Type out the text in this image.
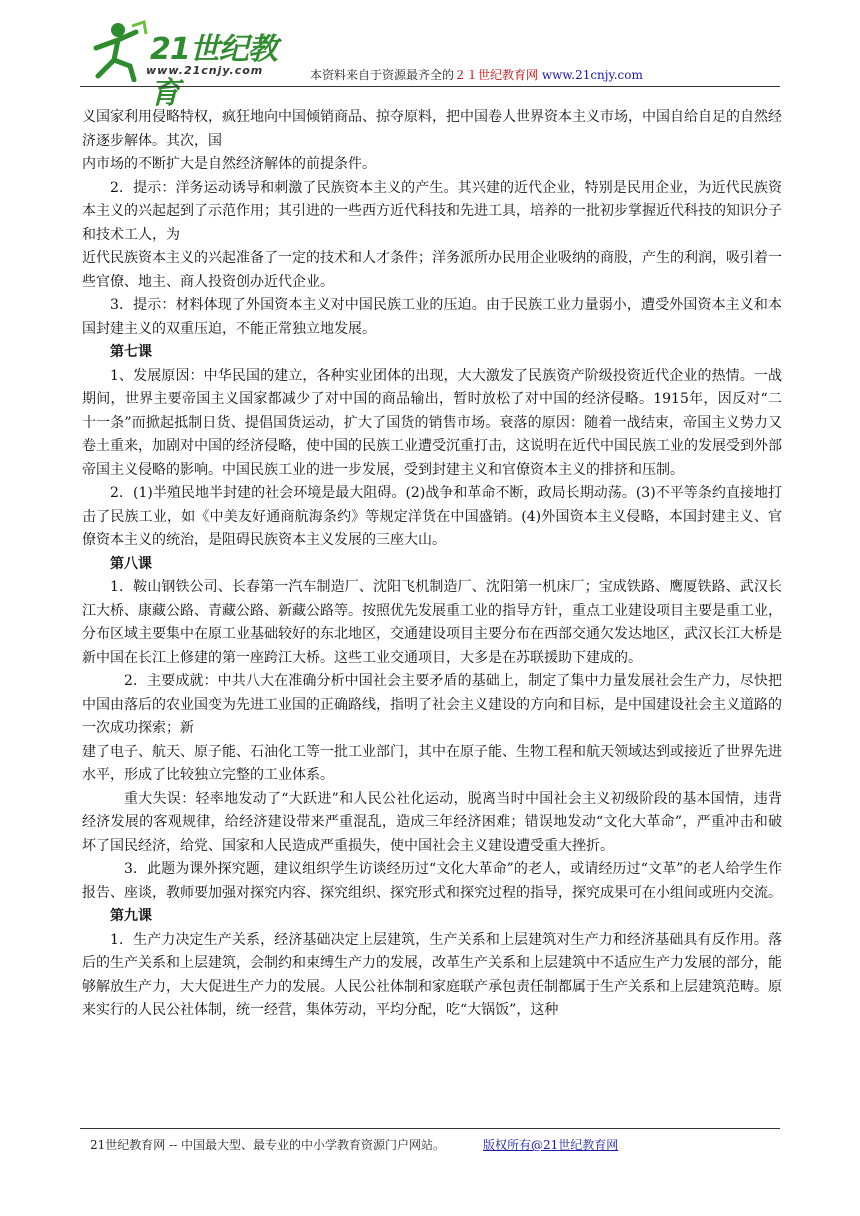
21世纪教育
www.21cnjy.com	本资料来自于资源最齐全的２１世纪教育网 www.21cnjy.com

义国家利用侵略特权，疯狂地向中国倾销商品、掠夺原料，把中国卷人世界资本主义市场，中国自给自足的自然经济逐步解体。其次，国

内市场的不断扩大是自然经济解体的前提条件。

2．提示：洋务运动诱导和刺激了民族资本主义的产生。其兴建的近代企业，特别是民用企业，为近代民族资本主义的兴起起到了示范作用；其引进的一些西方近代科技和先进工具，培养的一批初步掌握近代科技的知识分子和技术工人，为

近代民族资本主义的兴起准备了一定的技术和人才条件；洋务派所办民用企业吸纳的商股，产生的利润，吸引着一些官僚、地主、商人投资创办近代企业。

3．提示：材料体现了外国资本主义对中国民族工业的压迫。由于民族工业力量弱小，遭受外国资本主义和本国封建主义的双重压迫，不能正常独立地发展。

第七课

1、发展原因：中华民国的建立，各种实业团体的出现，大大激发了民族资产阶级投资近代企业的热情。一战期间，世界主要帝国主义国家都减少了对中国的商品输出，暂时放松了对中国的经济侵略。1915年，因反对“二十一条”而掀起抵制日货、提倡国货运动，扩大了国货的销售市场。衰落的原因：随着一战结束，帝国主义势力又卷土重来，加剧对中国的经济侵略，使中国的民族工业遭受沉重打击，这说明在近代中国民族工业的发展受到外部帝国主义侵略的影响。中国民族工业的进一步发展，受到封建主义和官僚资本主义的排挤和压制。

2．(1)半殖民地半封建的社会环境是最大阻碍。(2)战争和革命不断，政局长期动荡。(3)不平等条约直接地打击了民族工业，如《中美友好通商航海条约》等规定洋货在中国盛销。(4)外国资本主义侵略，本国封建主义、官僚资本主义的统治，是阻碍民族资本主义发展的三座大山。

第八课

1．鞍山钢铁公司、长春第一汽车制造厂、沈阳飞机制造厂、沈阳第一机床厂；宝成铁路、鹰厦铁路、武汉长江大桥、康藏公路、青藏公路、新藏公路等。按照优先发展重工业的指导方针，重点工业建设项目主要是重工业，分布区域主要集中在原工业基础较好的东北地区，交通建设项目主要分布在西部交通欠发达地区，武汉长江大桥是新中国在长江上修建的第一座跨江大桥。这些工业交通项目，大多是在苏联援助下建成的。

2．主要成就：中共八大在准确分析中国社会主要矛盾的基础上，制定了集中力量发展社会生产力，尽快把中国由落后的农业国变为先进工业国的正确路线，指明了社会主义建设的方向和目标，是中国建设社会主义道路的一次成功探索；新

建了电子、航天、原子能、石油化工等一批工业部门，其中在原子能、生物工程和航天领域达到或接近了世界先进水平，形成了比较独立完整的工业体系。

重大失误：轻率地发动了“大跃进”和人民公社化运动，脱离当时中国社会主义初级阶段的基本国情，违背经济发展的客观规律，给经济建设带来严重混乱，造成三年经济困难；错误地发动“文化大革命”，严重冲击和破坏了国民经济，给党、国家和人民造成严重损失，使中国社会主义建设遭受重大挫折。

3．此题为课外探究题，建议组织学生访谈经历过“文化大革命”的老人，或请经历过“文革”的老人给学生作报告、座谈，教师要加强对探究内容、探究组织、探究形式和探究过程的指导，探究成果可在小组间或班内交流。

第九课

1．生产力决定生产关系，经济基础决定上层建筑，生产关系和上层建筑对生产力和经济基础具有反作用。落后的生产关系和上层建筑，会制约和束缚生产力的发展，改革生产关系和上层建筑中不适应生产力发展的部分，能够解放生产力，大大促进生产力的发展。人民公社体制和家庭联产承包责任制都属于生产关系和上层建筑范畴。原来实行的人民公社体制，统一经营，集体劳动，平均分配，吃“大锅饭”，这种

21世纪教育网 -- 中国最大型、最专业的中小学教育资源门户网站。	版权所有@21世纪教育网
